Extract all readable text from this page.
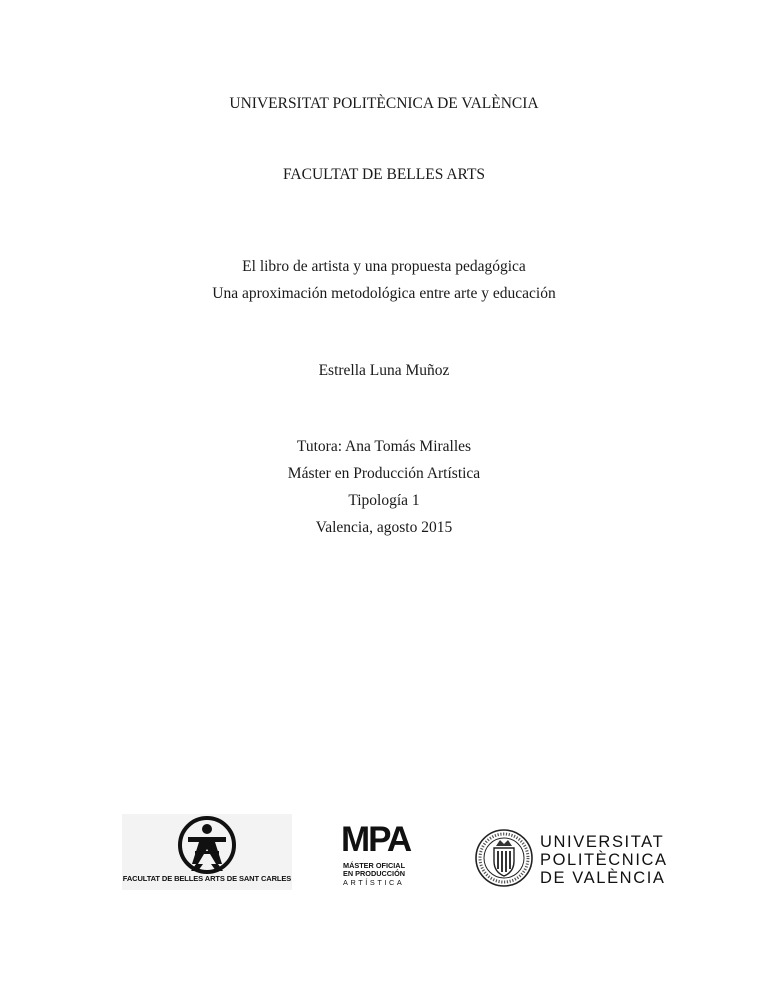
UNIVERSITAT POLITÈCNICA DE VALÈNCIA
FACULTAT DE BELLES ARTS
El libro de artista y una propuesta pedagógica
Una aproximación metodológica entre arte y educación
Estrella Luna Muñoz
Tutora: Ana Tomás Miralles
Máster en Producción Artística
Tipología 1
Valencia, agosto 2015
FACULTAT DE BELLES ARTS DE SANT CARLES
MPA
MÁSTER OFICIAL
EN PRODUCCIÓN
ARTÍSTICA
UNIVERSITAT
POLITÈCNICA
DE VALÈNCIA
